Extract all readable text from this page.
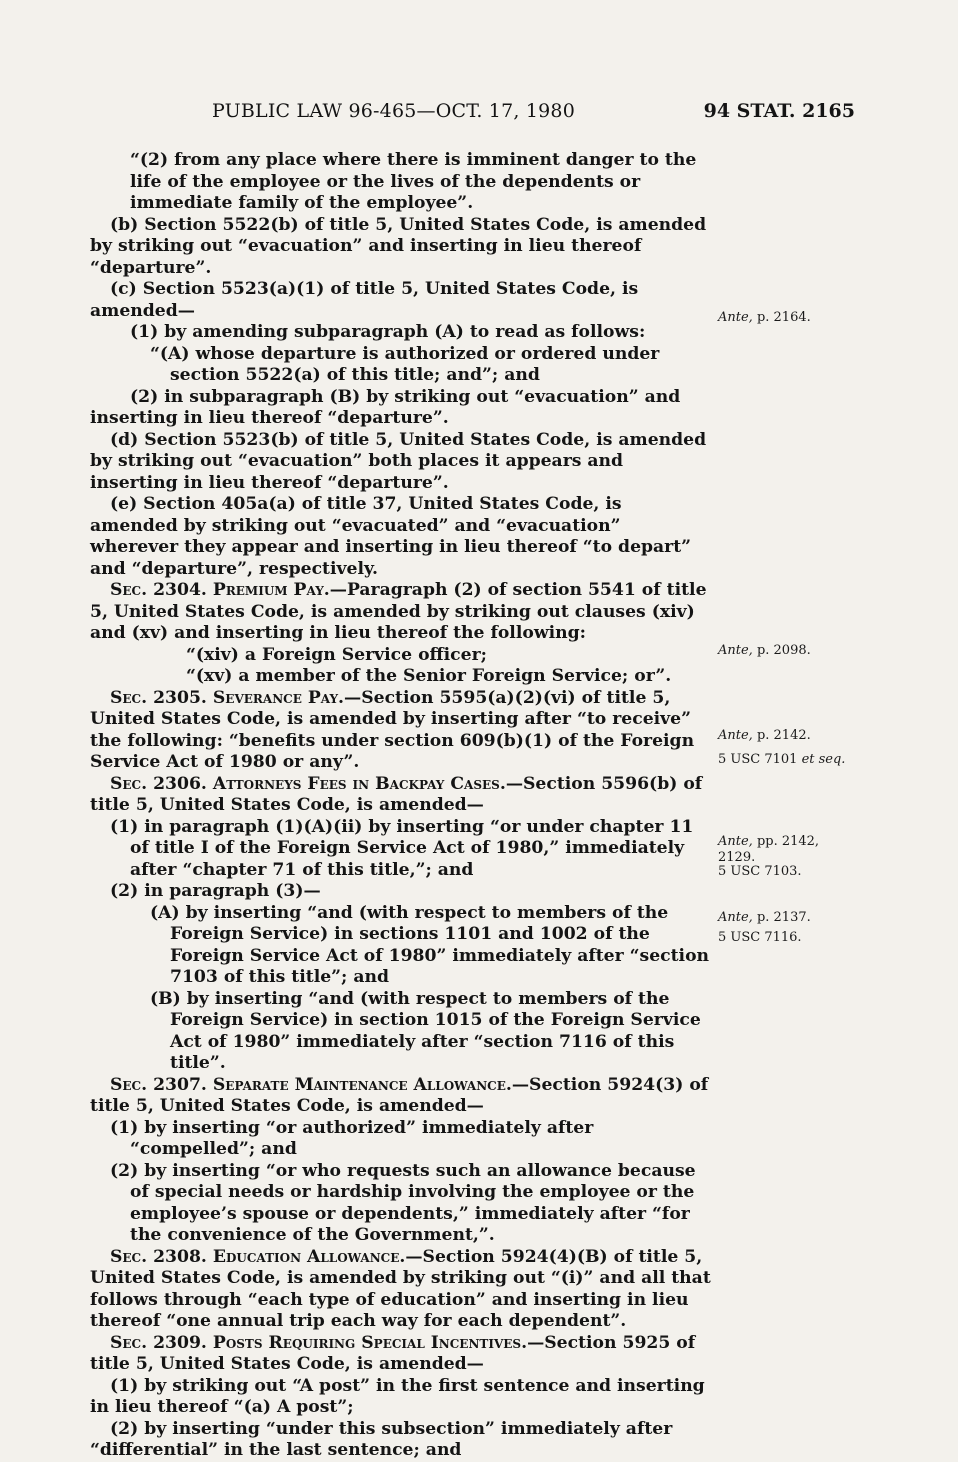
PUBLIC LAW 96-465—OCT. 17, 1980	94 STAT. 2165

“(2) from any place where there is imminent danger to the life of the employee or the lives of the dependents or immediate family of the employee”.

(b) Section 5522(b) of title 5, United States Code, is amended by striking out “evacuation” and inserting in lieu thereof “departure”.

(c) Section 5523(a)(1) of title 5, United States Code, is amended—

(1) by amending subparagraph (A) to read as follows:

“(A) whose departure is authorized or ordered under section 5522(a) of this title; and”; and

(2) in subparagraph (B) by striking out “evacuation” and inserting in lieu thereof “departure”.

(d) Section 5523(b) of title 5, United States Code, is amended by striking out “evacuation” both places it appears and inserting in lieu thereof “departure”.

(e) Section 405a(a) of title 37, United States Code, is amended by striking out “evacuated” and “evacuation” wherever they appear and inserting in lieu thereof “to depart” and “departure”, respectively.

Sec. 2304. Premium Pay.—Paragraph (2) of section 5541 of title 5, United States Code, is amended by striking out clauses (xiv) and (xv) and inserting in lieu thereof the following:

“(xiv) a Foreign Service officer;

“(xv) a member of the Senior Foreign Service; or”.

Sec. 2305. Severance Pay.—Section 5595(a)(2)(vi) of title 5, United States Code, is amended by inserting after “to receive” the following: “benefits under section 609(b)(1) of the Foreign Service Act of 1980 or any”.

Sec. 2306. Attorneys Fees in Backpay Cases.—Section 5596(b) of title 5, United States Code, is amended—

(1) in paragraph (1)(A)(ii) by inserting “or under chapter 11 of title I of the Foreign Service Act of 1980,” immediately after “chapter 71 of this title,”; and

(2) in paragraph (3)—

(A) by inserting “and (with respect to members of the Foreign Service) in sections 1101 and 1002 of the Foreign Service Act of 1980” immediately after “section 7103 of this title”; and

(B) by inserting “and (with respect to members of the Foreign Service) in section 1015 of the Foreign Service Act of 1980” immediately after “section 7116 of this title”.

Sec. 2307. Separate Maintenance Allowance.—Section 5924(3) of title 5, United States Code, is amended—

(1) by inserting “or authorized” immediately after “compelled”; and

(2) by inserting “or who requests such an allowance because of special needs or hardship involving the employee or the employee’s spouse or dependents,” immediately after “for the convenience of the Government,”.

Sec. 2308. Education Allowance.—Section 5924(4)(B) of title 5, United States Code, is amended by striking out “(i)” and all that follows through “each type of education” and inserting in lieu thereof “one annual trip each way for each dependent”.

Sec. 2309. Posts Requiring Special Incentives.—Section 5925 of title 5, United States Code, is amended—

(1) by striking out “A post” in the first sentence and inserting in lieu thereof “(a) A post”;

(2) by inserting “under this subsection” immediately after “differential” in the last sentence; and

Ante, p. 2164.
Ante, p. 2098.
Ante, p. 2142.
5 USC 7101 et seq.
Ante, pp. 2142, 2129.
5 USC 7103.
Ante, p. 2137.
5 USC 7116.
